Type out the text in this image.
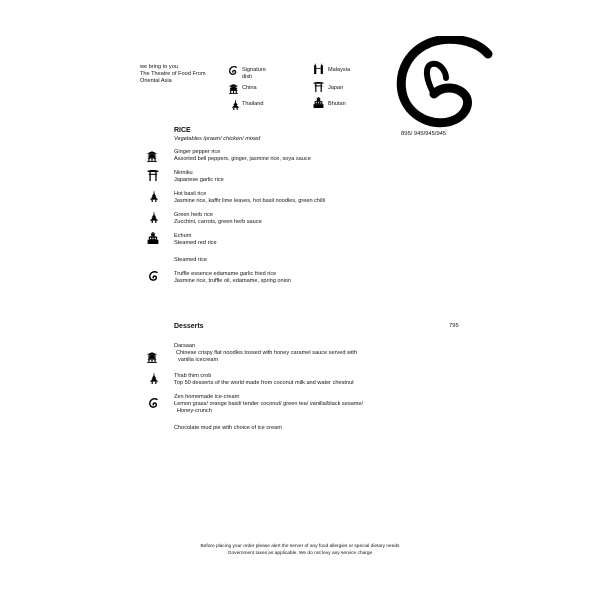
we bring to you
The Theatre of Food From
Oriental Asia
Signature dish
China
Thailand
Malaysia
Japan
Bhutan
RICE
Vegetables /prawn/ chicken/ mixed
895/ 945/945/945
Ginger pepper rice
Assorted bell peppers, ginger, jasmine rice, soya sauce
Ninniku
Japanese garlic rice
Hot basil rice
Jasmine rice, kaffir lime leaves, hot basil noodles, green chilli
Green herb rice
Zucchini, carrots, green herb sauce
Echum
Steamed red rice
Steamed rice
Truffle essence edamame garlic fried rice
Jasmine rice, truffle oil, edamame, spring onion
Desserts	795
Darsaan
Chinese crispy flat noodles tossed with honey caramel sauce served with
vanilla icecream
Thab thim crob
Top 50 desserts of the world made from coconut milk and water chestnut
Zen homemade ice-cream
Lemon grass/ orange basil/ tender coconut/ green tea/ vanilla/black sesame/
Honey-crunch
Chocolate mud pie with choice of ice cream
Before placing your order please alert the server of any food allergies or special dietary needs
Government taxes as applicable. We do not levy any service charge
